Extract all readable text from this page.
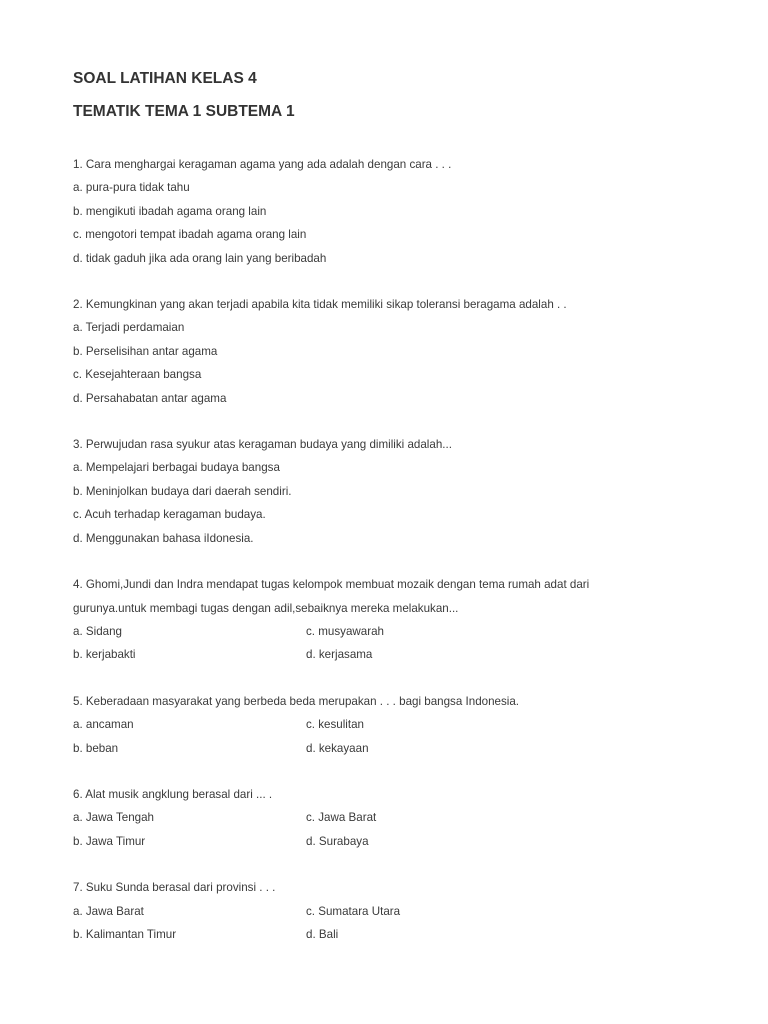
SOAL LATIHAN KELAS 4
TEMATIK TEMA 1 SUBTEMA 1
1. Cara menghargai keragaman agama yang ada adalah dengan cara . . .
a. pura-pura tidak tahu
b. mengikuti ibadah agama orang lain
c. mengotori tempat ibadah agama orang lain
d. tidak gaduh jika ada orang lain yang beribadah
2. Kemungkinan yang akan terjadi apabila kita tidak memiliki sikap toleransi beragama adalah . .
a. Terjadi perdamaian
b. Perselisihan antar agama
c. Kesejahteraan bangsa
d. Persahabatan antar agama
3. Perwujudan rasa syukur atas keragaman budaya yang dimiliki adalah...
a. Mempelajari berbagai budaya bangsa
b. Meninjolkan budaya dari daerah sendiri.
c. Acuh terhadap keragaman budaya.
d. Menggunakan bahasa iIdonesia.
4. Ghomi,Jundi dan Indra mendapat tugas kelompok membuat mozaik dengan tema rumah adat dari
gurunya.untuk membagi tugas dengan adil,sebaiknya mereka melakukan...
a. Sidang	c. musyawarah
b. kerjabakti	d. kerjasama
5. Keberadaan masyarakat yang berbeda beda merupakan . . . bagi bangsa Indonesia.
a. ancaman	c. kesulitan
b. beban	d. kekayaan
6. Alat musik angklung berasal dari ... .
a. Jawa Tengah	c. Jawa Barat
b. Jawa Timur	d. Surabaya
7. Suku Sunda berasal dari provinsi . . .
a. Jawa Barat	c. Sumatara Utara
b. Kalimantan Timur	d. Bali
